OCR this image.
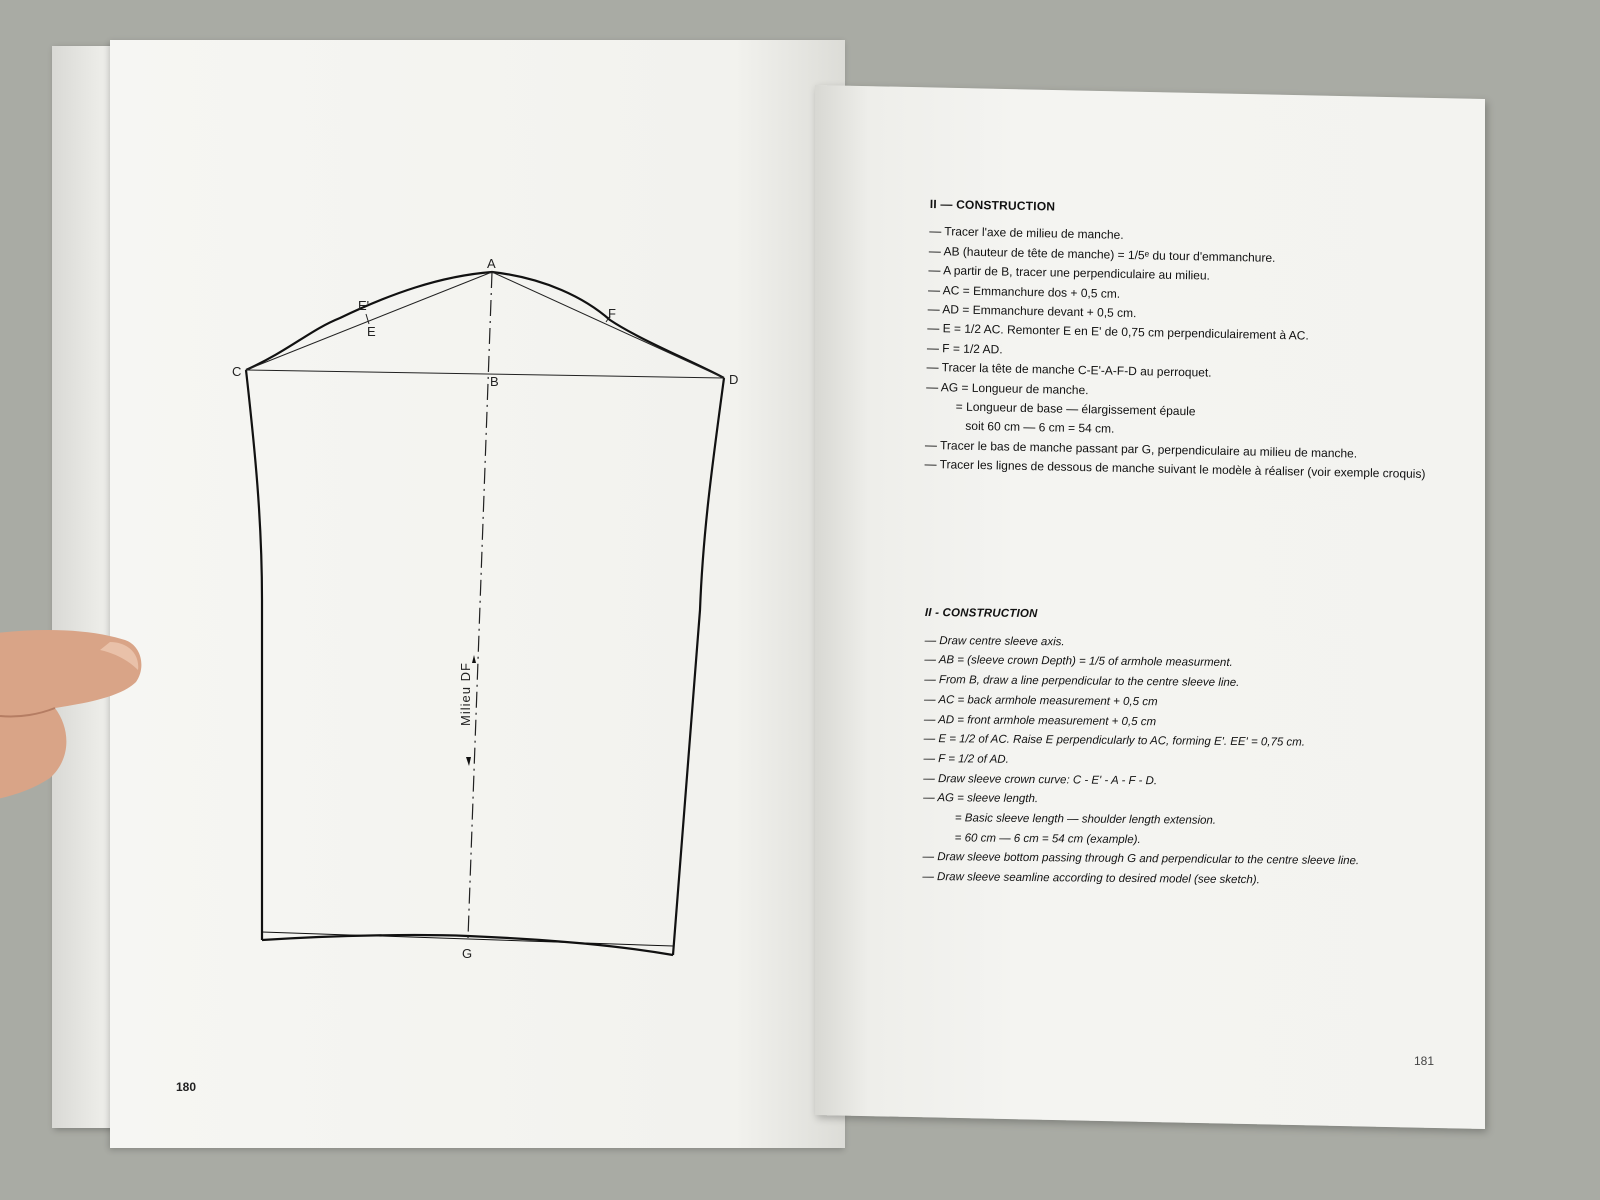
A
B
C
D
E
E'
F
G
Milieu DF
180
181
II — CONSTRUCTION
— Tracer l'axe de milieu de manche.
— AB (hauteur de tête de manche) = 1/5ᵉ du tour d'emmanchure.
— A partir de B, tracer une perpendiculaire au milieu.
— AC = Emmanchure dos + 0,5 cm.
— AD = Emmanchure devant + 0,5 cm.
— E = 1/2 AC. Remonter E en E' de 0,75 cm perpendiculairement à AC.
— F = 1/2 AD.
— Tracer la tête de manche C-E'-A-F-D au perroquet.
— AG = Longueur de manche.
= Longueur de base — élargissement épaule
soit 60 cm — 6 cm = 54 cm.
— Tracer le bas de manche passant par G, perpendiculaire au milieu de manche.
— Tracer les lignes de dessous de manche suivant le modèle à réaliser (voir exemple croquis)
II - CONSTRUCTION
— Draw centre sleeve axis.
— AB = (sleeve crown Depth) = 1/5 of armhole measurment.
— From B, draw a line perpendicular to the centre sleeve line.
— AC = back armhole measurement + 0,5 cm
— AD = front armhole measurement + 0,5 cm
— E = 1/2 of AC. Raise E perpendicularly to AC, forming E'. EE' = 0,75 cm.
— F = 1/2 of AD.
— Draw sleeve crown curve: C - E' - A - F - D.
— AG = sleeve length.
= Basic sleeve length — shoulder length extension.
= 60 cm — 6 cm = 54 cm (example).
— Draw sleeve bottom passing through G and perpendicular to the centre sleeve line.
— Draw sleeve seamline according to desired model (see sketch).
